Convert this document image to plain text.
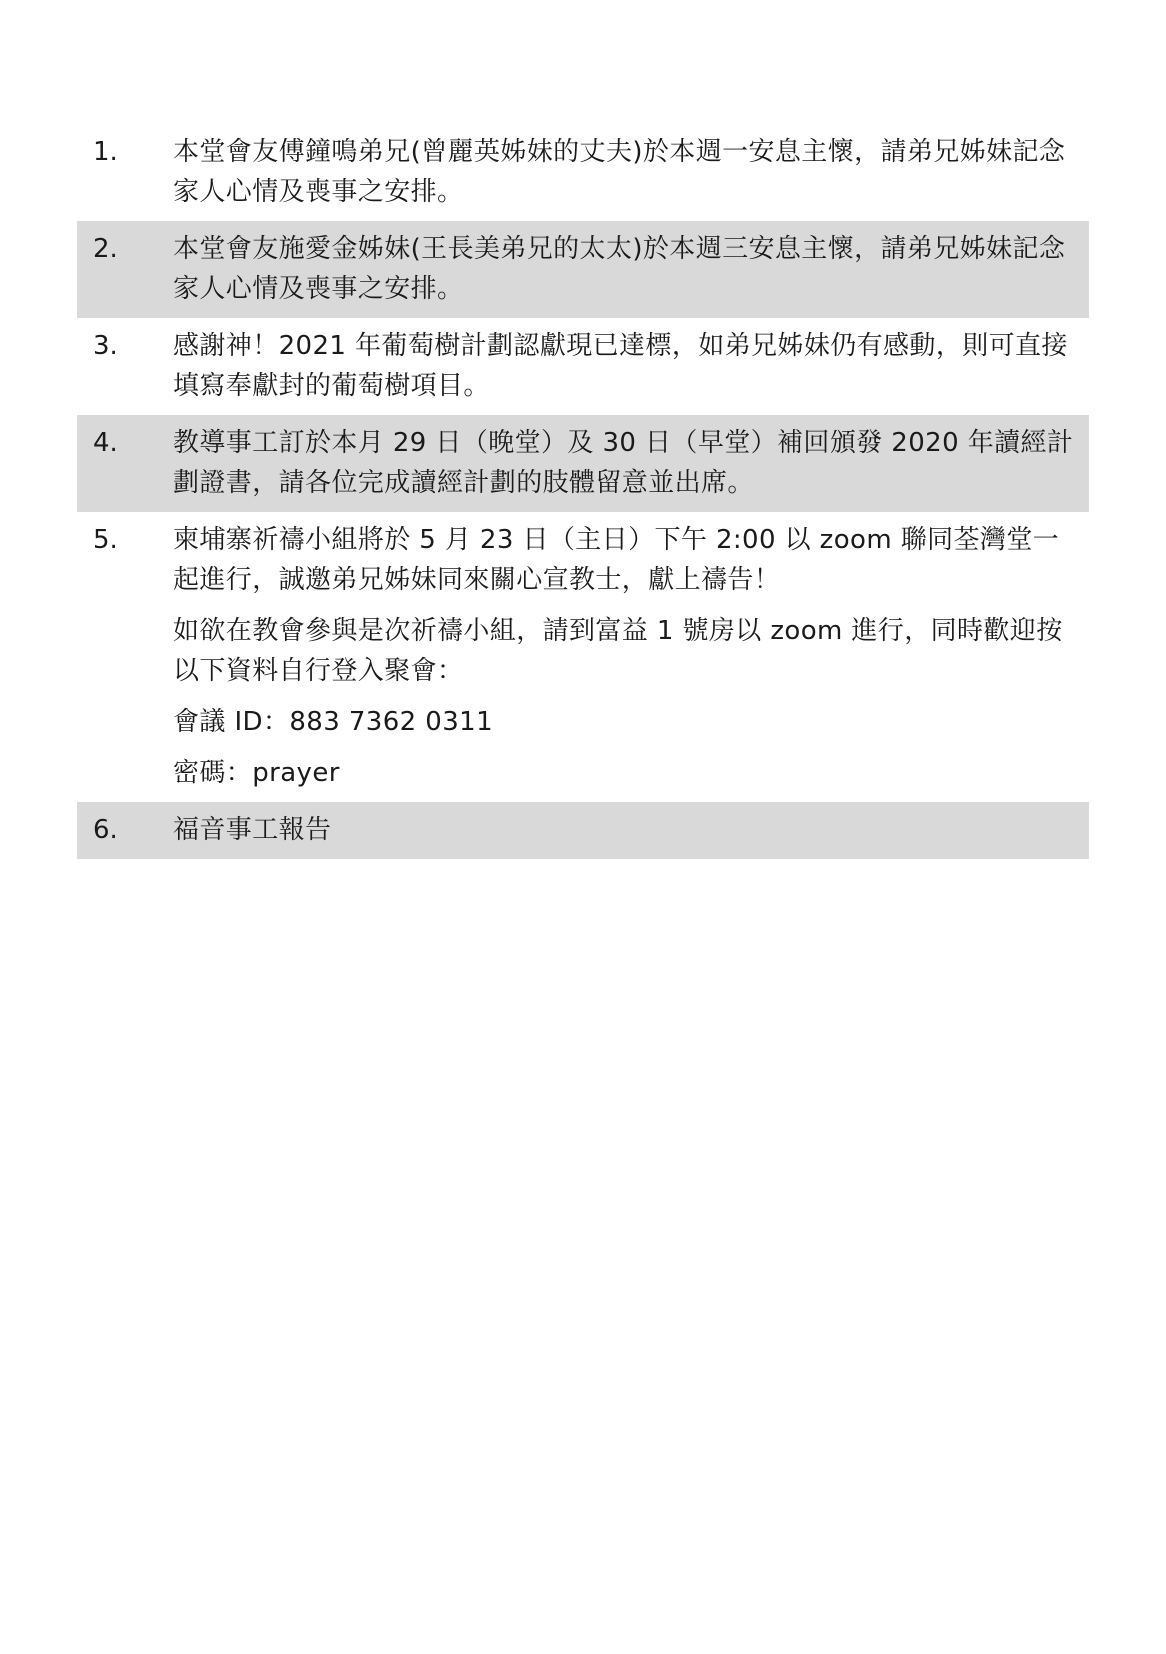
1.	本堂會友傅鐘鳴弟兄(曾麗英姊妹的丈夫)於本週一安息主懷，請弟兄姊妹記念家人心情及喪事之安排。

2.	本堂會友施愛金姊妹(王長美弟兄的太太)於本週三安息主懷，請弟兄姊妹記念家人心情及喪事之安排。

3.	感謝神！2021 年葡萄樹計劃認獻現已達標，如弟兄姊妹仍有感動，則可直接填寫奉獻封的葡萄樹項目。

4.	教導事工訂於本月 29 日（晚堂）及 30 日（早堂）補回頒發 2020 年讀經計劃證書，請各位完成讀經計劃的肢體留意並出席。

5.	柬埔寨祈禱小組將於 5 月 23 日（主日）下午 2:00 以 zoom 聯同荃灣堂一起進行，誠邀弟兄姊妹同來關心宣教士，獻上禱告！

如欲在教會參與是次祈禱小組，請到富益 1 號房以 zoom 進行，同時歡迎按以下資料自行登入聚會：

會議 ID：883 7362 0311

密碼：prayer

6.	福音事工報告
